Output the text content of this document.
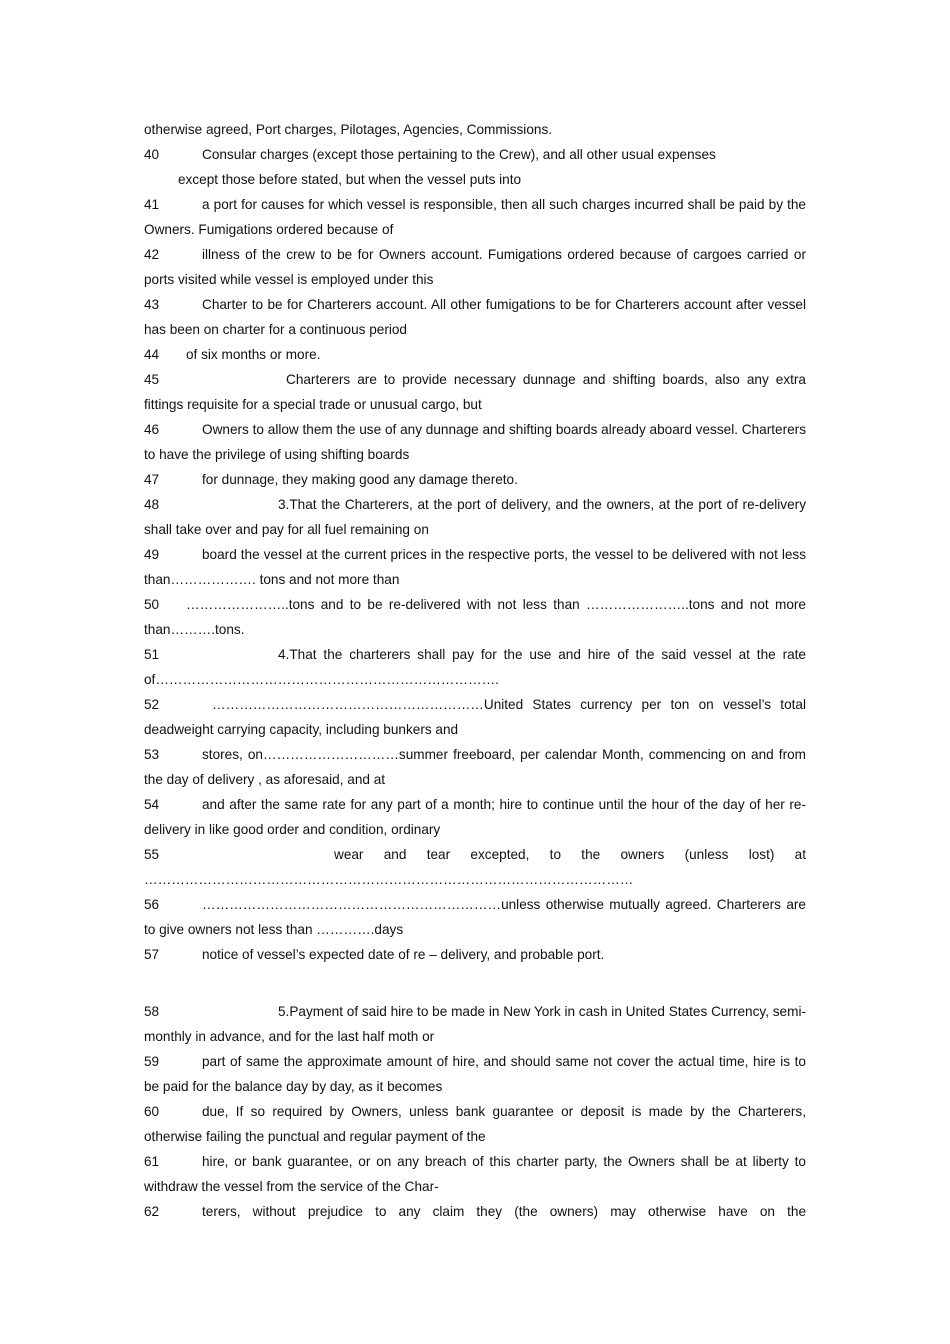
otherwise agreed, Port charges, Pilotages, Agencies, Commissions.

40	Consular charges (except those pertaining to the Crew), and all other usual expenses

except those before stated, but when the vessel puts into

41	a port for causes for which vessel is responsible, then all such charges incurred shall be paid by the Owners. Fumigations ordered because of

42	illness of the crew to be for Owners account. Fumigations ordered because of cargoes carried or ports visited while vessel is employed under this

43	Charter to be for Charterers account. All other fumigations to be for Charterers account after vessel has been on charter for a continuous period

44 of six months or more.

45	Charterers are to provide necessary dunnage and shifting boards, also any extra fittings requisite for a special trade or unusual cargo, but

46	Owners to allow them the use of any dunnage and shifting boards already aboard vessel. Charterers to have the privilege of using shifting boards

47	for dunnage, they making good any damage thereto.

48	3.That the Charterers, at the port of delivery, and the owners, at the port of re-delivery shall take over and pay for all fuel remaining on

49	board the vessel at the current prices in the respective ports, the vessel to be delivered with not less than………………. tons and not more than

50 …………………..tons and to be re-delivered with not less than …………………..tons and not more than……….tons.

51	4.That the charterers shall pay for the use and hire of the said vessel at the rate of………………………………………………………………….

52	……………………………………………………United States currency per ton on vessel’s total deadweight carrying capacity, including bunkers and

53	stores, on…………………………summer freeboard, per calendar Month, commencing on and from the day of delivery , as aforesaid, and at

54	and after the same rate for any part of a month; hire to continue until the hour of the day of her re-delivery in like good order and condition, ordinary

55	wear and tear excepted, to the owners (unless lost) at ………………………………………………………………………………………………

56	…………………………………………………………unless otherwise mutually agreed. Charterers are to give owners not less than ………….days

57	notice of vessel’s expected date of re – delivery, and probable port.

58	5.Payment of said hire to be made in New York in cash in United States Currency, semi-monthly in advance, and for the last half moth or

59	part of same the approximate amount of hire, and should same not cover the actual time, hire is to be paid for the balance day by day, as it becomes

60	due, If so required by Owners, unless bank guarantee or deposit is made by the Charterers, otherwise failing the punctual and regular payment of the

61	hire, or bank guarantee, or on any breach of this charter party, the Owners shall be at liberty to withdraw the vessel from the service of the Char-

62	terers, without prejudice to any claim they (the owners) may otherwise have on the
